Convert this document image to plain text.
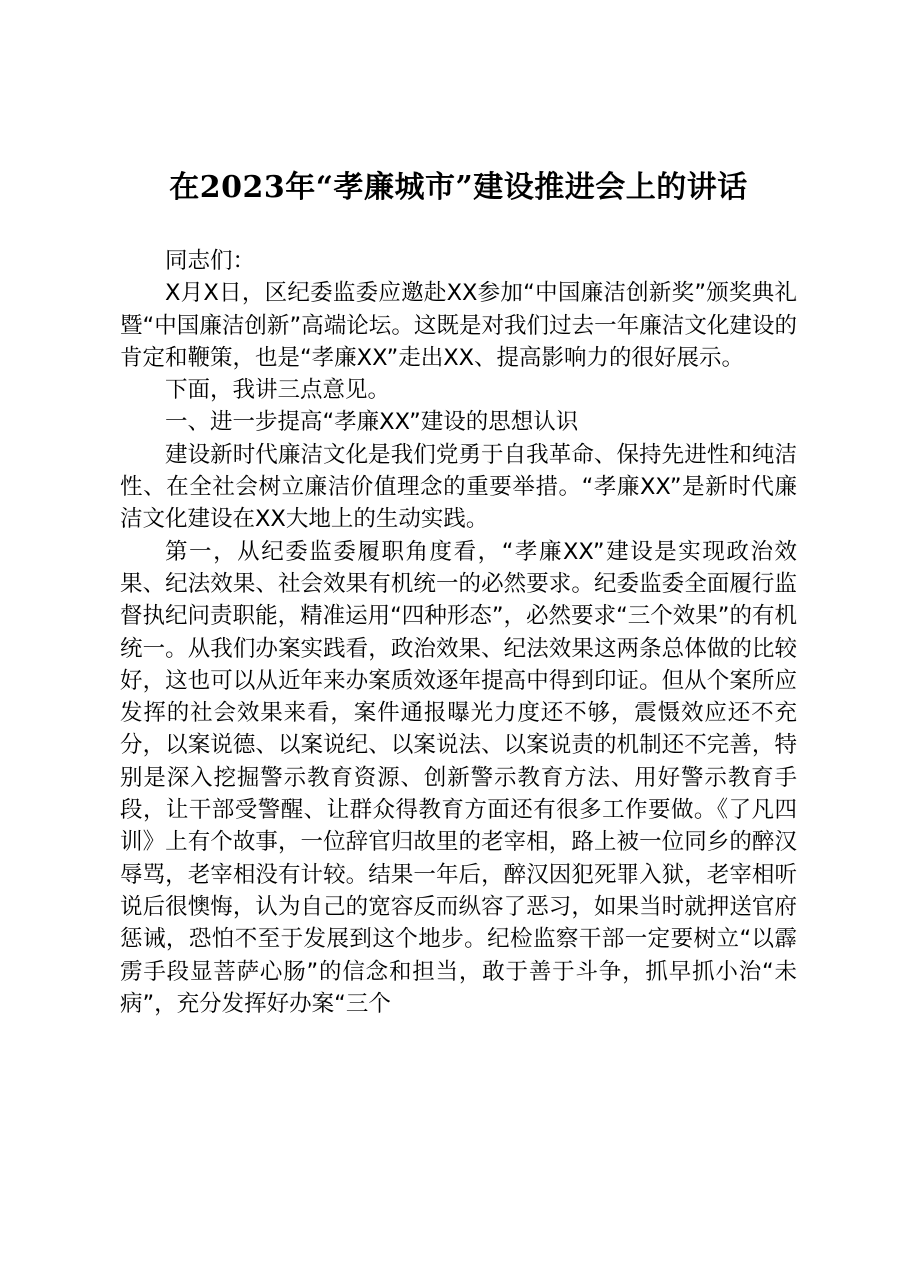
在2023年“孝廉城市”建设推进会上的讲话

同志们：

X月X日，区纪委监委应邀赴XX参加“中国廉洁创新奖”颁奖典礼暨“中国廉洁创新”高端论坛。这既是对我们过去一年廉洁文化建设的肯定和鞭策，也是“孝廉XX”走出XX、提高影响力的很好展示。

下面，我讲三点意见。

一、进一步提高“孝廉XX”建设的思想认识

建设新时代廉洁文化是我们党勇于自我革命、保持先进性和纯洁性、在全社会树立廉洁价值理念的重要举措。“孝廉XX”是新时代廉洁文化建设在XX大地上的生动实践。

第一，从纪委监委履职角度看，“孝廉XX”建设是实现政治效果、纪法效果、社会效果有机统一的必然要求。纪委监委全面履行监督执纪问责职能，精准运用“四种形态”，必然要求“三个效果”的有机统一。从我们办案实践看，政治效果、纪法效果这两条总体做的比较好，这也可以从近年来办案质效逐年提高中得到印证。但从个案所应发挥的社会效果来看，案件通报曝光力度还不够，震慑效应还不充分，以案说德、以案说纪、以案说法、以案说责的机制还不完善，特别是深入挖掘警示教育资源、创新警示教育方法、用好警示教育手段，让干部受警醒、让群众得教育方面还有很多工作要做。《了凡四训》上有个故事，一位辞官归故里的老宰相，路上被一位同乡的醉汉辱骂，老宰相没有计较。结果一年后，醉汉因犯死罪入狱，老宰相听说后很懊悔，认为自己的宽容反而纵容了恶习，如果当时就押送官府惩诫，恐怕不至于发展到这个地步。纪检监察干部一定要树立“以霹雳手段显菩萨心肠”的信念和担当，敢于善于斗争，抓早抓小治“未病”，充分发挥好办案“三个
